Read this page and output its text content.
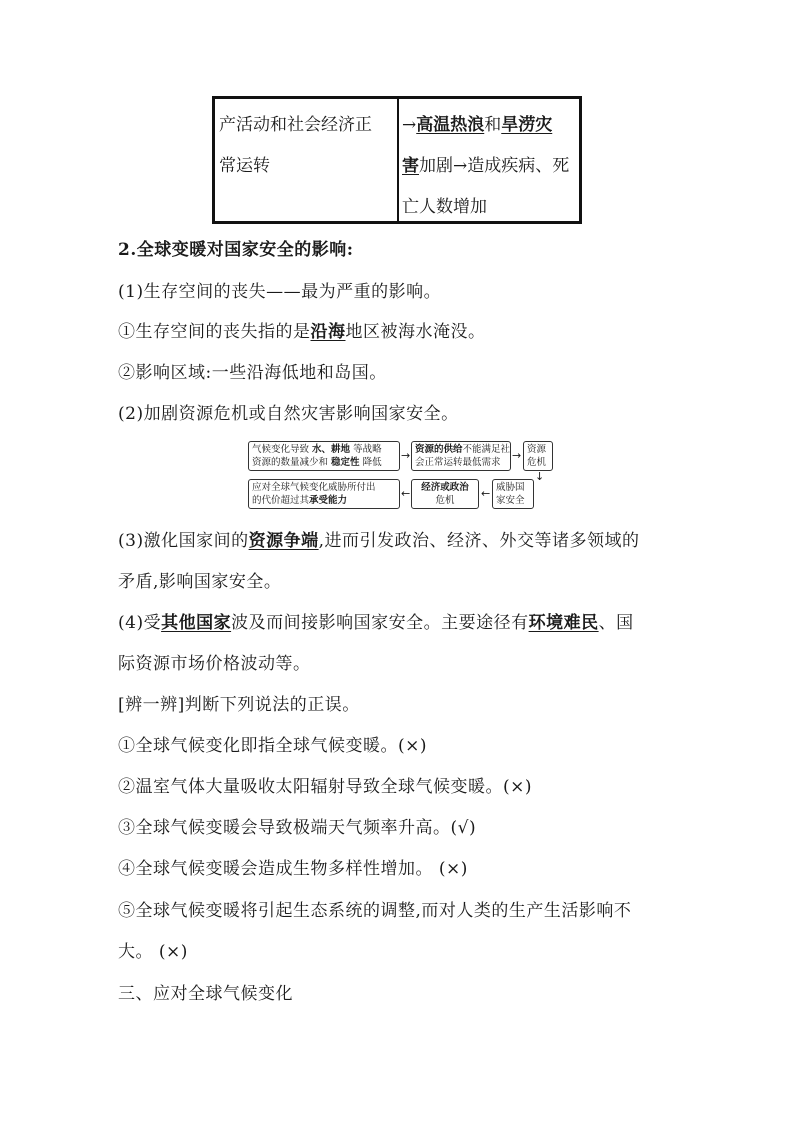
产活动和社会经济正
常运转
→高温热浪和旱涝灾
害加剧→造成疾病、死
亡人数增加
2.全球变暖对国家安全的影响:
(1)生存空间的丧失——最为严重的影响。
①生存空间的丧失指的是沿海地区被海水淹没。
②影响区域:一些沿海低地和岛国。
(2)加剧资源危机或自然灾害影响国家安全。
气候变化导致 水、耕地 等战略
资源的数量减少和 稳定性 降低
→ 资源的供给不能满足社
会正常运转最低需求
→ 资源
危机
↓
应对全球气候变化威胁所付出
的代价超过其承受能力
←	经济或政治
危机
← 威胁国
家安全
(3)激化国家间的资源争端,进而引发政治、经济、外交等诸多领域的
矛盾,影响国家安全。
(4)受其他国家波及而间接影响国家安全。主要途径有环境难民、国
际资源市场价格波动等。
[辨一辨]判断下列说法的正误。
①全球气候变化即指全球气候变暖。(×)
②温室气体大量吸收太阳辐射导致全球气候变暖。(×)
③全球气候变暖会导致极端天气频率升高。(√)
④全球气候变暖会造成生物多样性增加。 (×)
⑤全球气候变暖将引起生态系统的调整,而对人类的生产生活影响不
大。 (×)
三、应对全球气候变化
